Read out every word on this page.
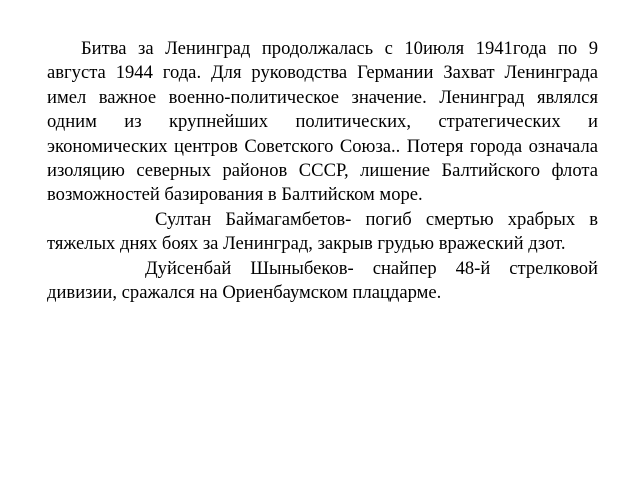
Битва за Ленинград продолжалась с 10июля 1941года по 9 августа 1944 года. Для руководства Германии Захват Ленинграда имел важное военно-политическое значение. Ленинград являлся одним из крупнейших политических, стратегических и экономических центров Советского Союза.. Потеря города означала изоляцию северных районов СССР, лишение Балтийского флота возможностей базирования в Балтийском море.

Султан Баймагамбетов- погиб смертью храбрых в тяжелых днях боях за Ленинград, закрыв грудью вражеский дзот.

Дуйсенбай Шыныбеков- снайпер 48-й стрелковой дивизии, сражался на Ориенбаумском плацдарме.
